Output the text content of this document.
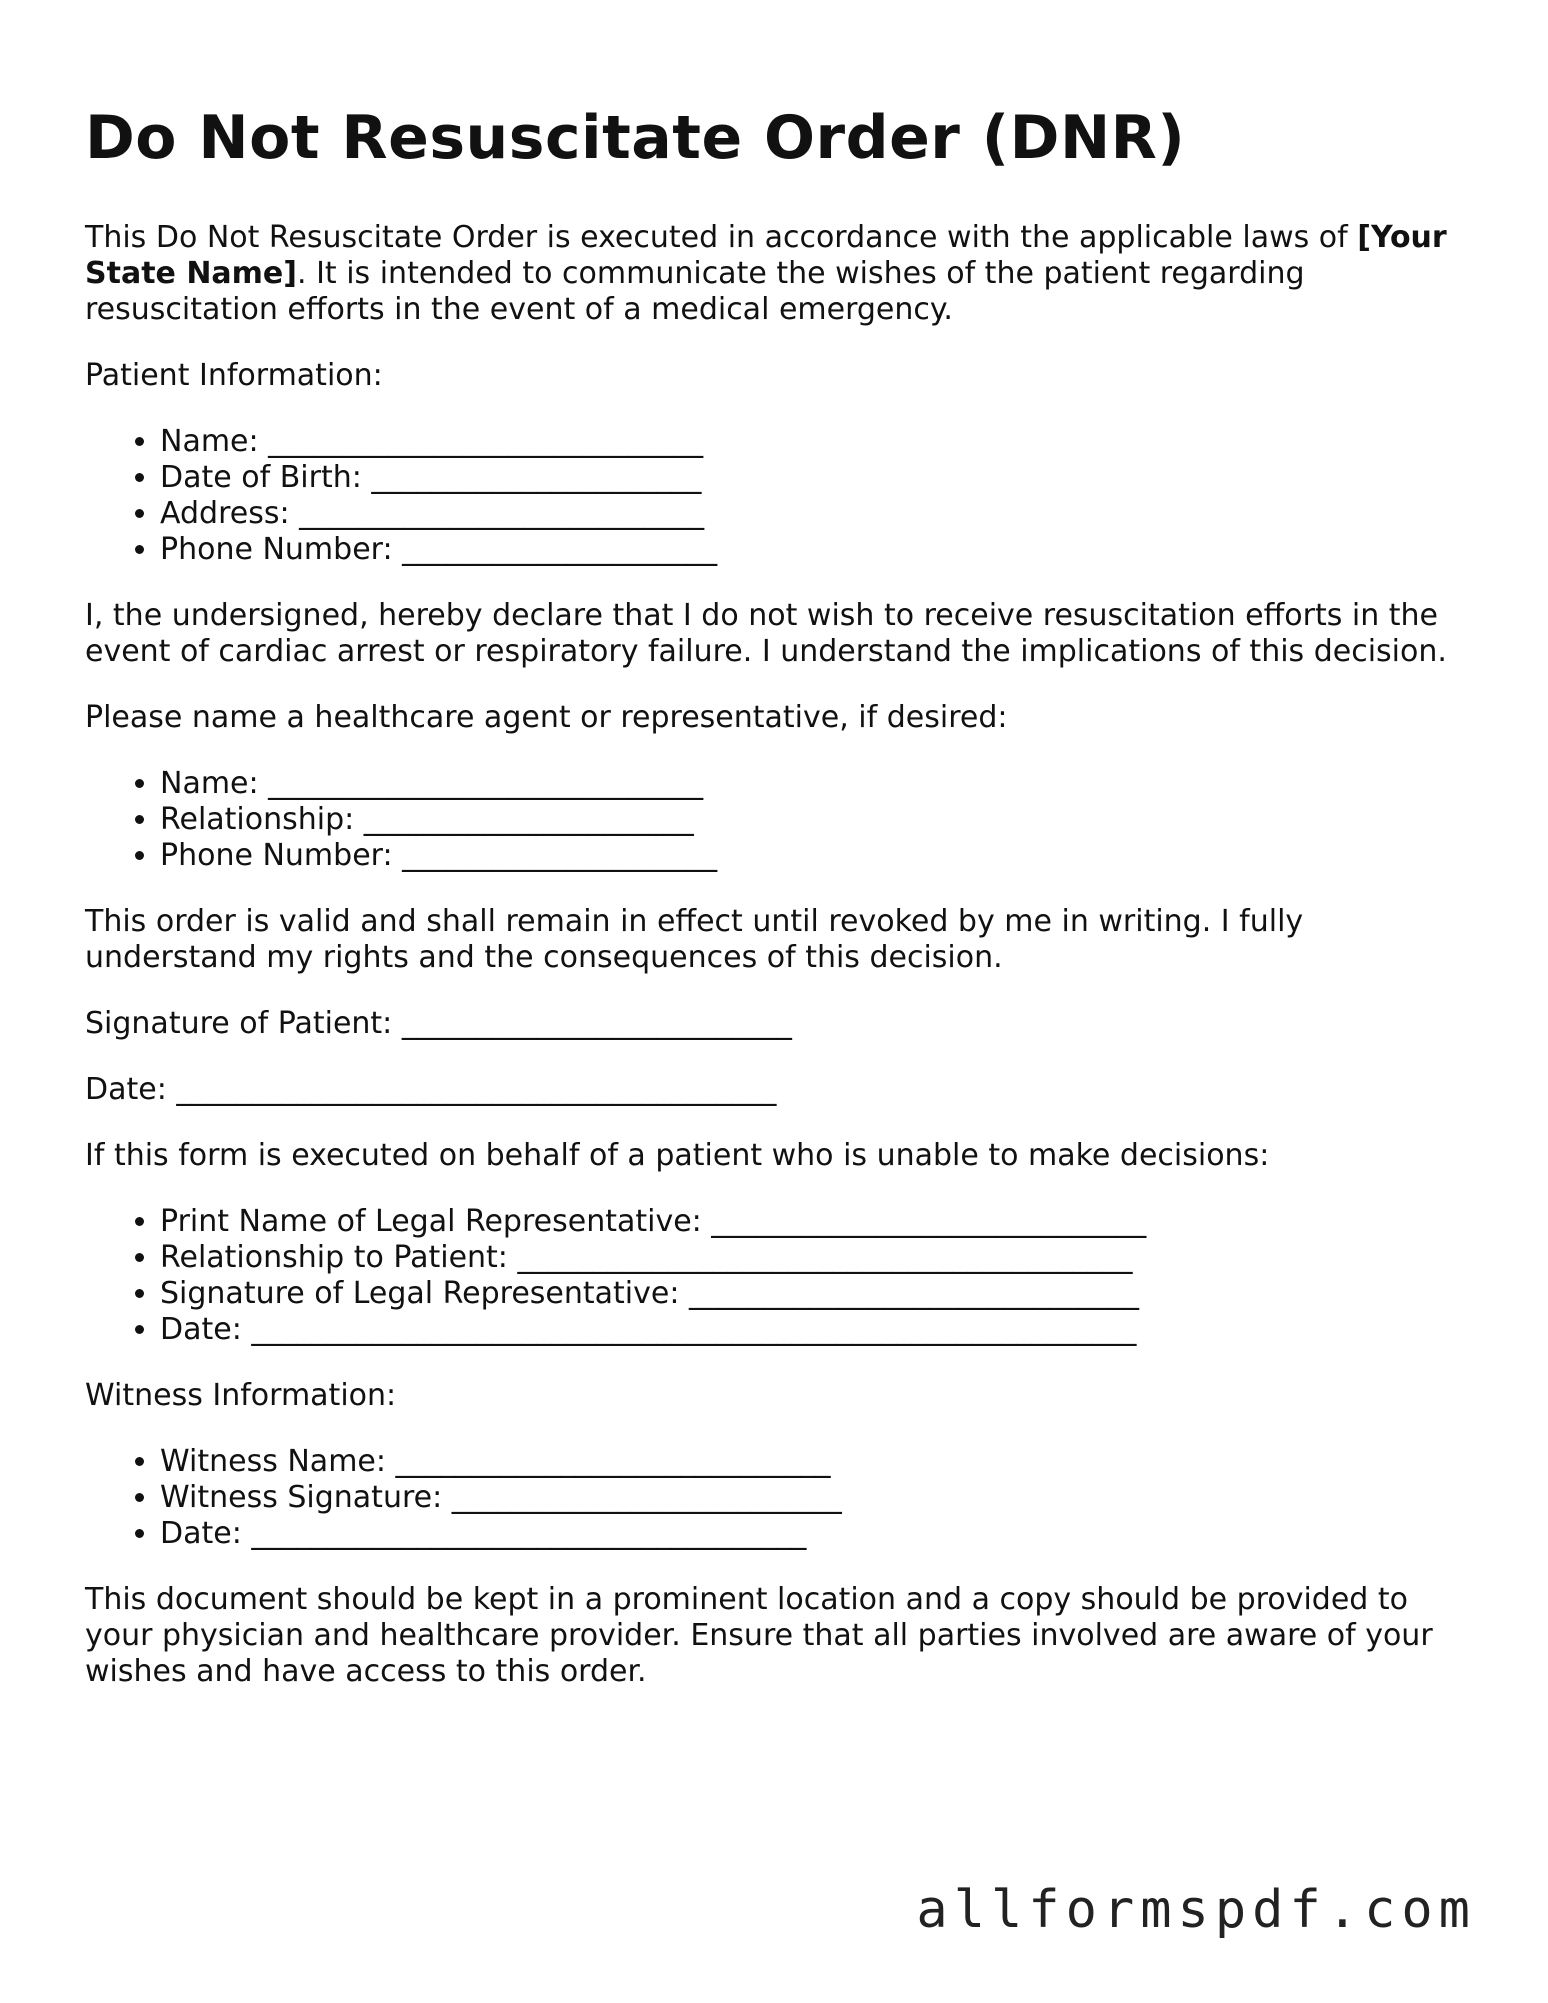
Do Not Resuscitate Order (DNR)

This Do Not Resuscitate Order is executed in accordance with the applicable laws of [Your State Name]. It is intended to communicate the wishes of the patient regarding resuscitation efforts in the event of a medical emergency.

Patient Information:

• Name: _____________________________
• Date of Birth: ______________________
• Address: ___________________________
• Phone Number: _____________________

I, the undersigned, hereby declare that I do not wish to receive resuscitation efforts in the event of cardiac arrest or respiratory failure. I understand the implications of this decision.

Please name a healthcare agent or representative, if desired:

• Name: _____________________________
• Relationship: ______________________
• Phone Number: _____________________

This order is valid and shall remain in effect until revoked by me in writing. I fully understand my rights and the consequences of this decision.

Signature of Patient: __________________________

Date: ________________________________________

If this form is executed on behalf of a patient who is unable to make decisions:

• Print Name of Legal Representative: _____________________________
• Relationship to Patient: _________________________________________
• Signature of Legal Representative: ______________________________
• Date: ___________________________________________________________

Witness Information:

• Witness Name: _____________________________
• Witness Signature: __________________________
• Date: _____________________________________

This document should be kept in a prominent location and a copy should be provided to your physician and healthcare provider. Ensure that all parties involved are aware of your wishes and have access to this order.

allformspdf.com
